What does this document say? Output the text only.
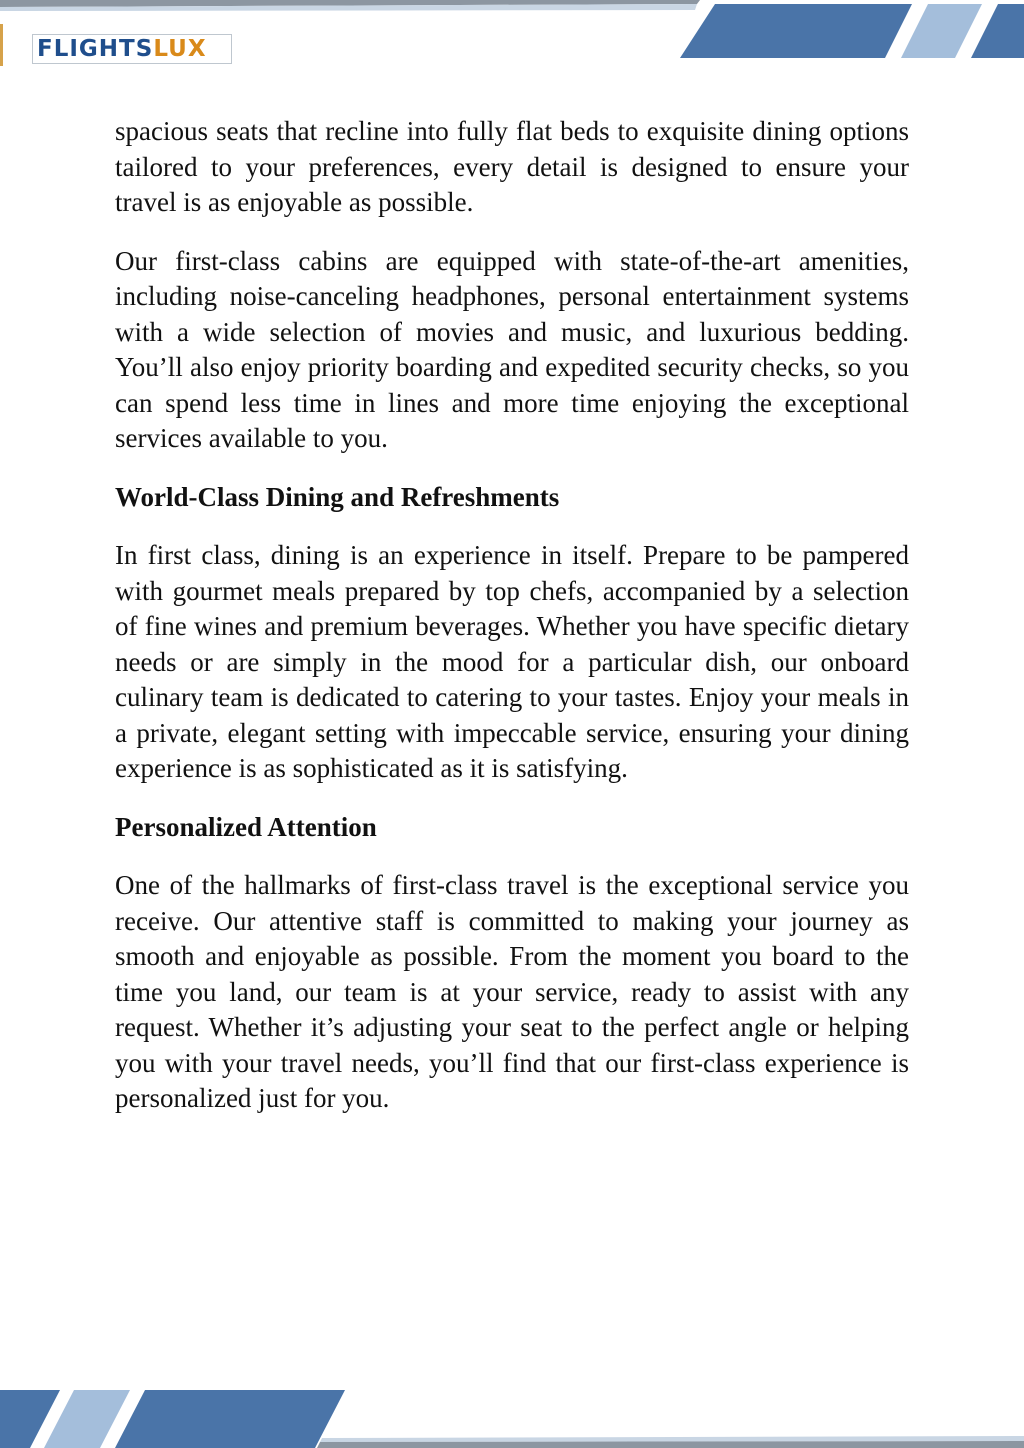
FLIGHTS LUX

spacious seats that recline into fully flat beds to exquisite dining options tailored to your preferences, every detail is designed to ensure your travel is as enjoyable as possible.

Our first-class cabins are equipped with state-of-the-art amenities, including noise-canceling headphones, personal entertainment systems with a wide selection of movies and music, and luxurious bedding. You’ll also enjoy priority boarding and expedited security checks, so you can spend less time in lines and more time enjoying the exceptional services available to you.

World-Class Dining and Refreshments

In first class, dining is an experience in itself. Prepare to be pampered with gourmet meals prepared by top chefs, accompanied by a selection of fine wines and premium beverages. Whether you have specific dietary needs or are simply in the mood for a particular dish, our onboard culinary team is dedicated to catering to your tastes. Enjoy your meals in a private, elegant setting with impeccable service, ensuring your dining experience is as sophisticated as it is satisfying.

Personalized Attention

One of the hallmarks of first-class travel is the exceptional service you receive. Our attentive staff is committed to making your journey as smooth and enjoyable as possible. From the moment you board to the time you land, our team is at your service, ready to assist with any request. Whether it’s adjusting your seat to the perfect angle or helping you with your travel needs, you’ll find that our first-class experience is personalized just for you.
